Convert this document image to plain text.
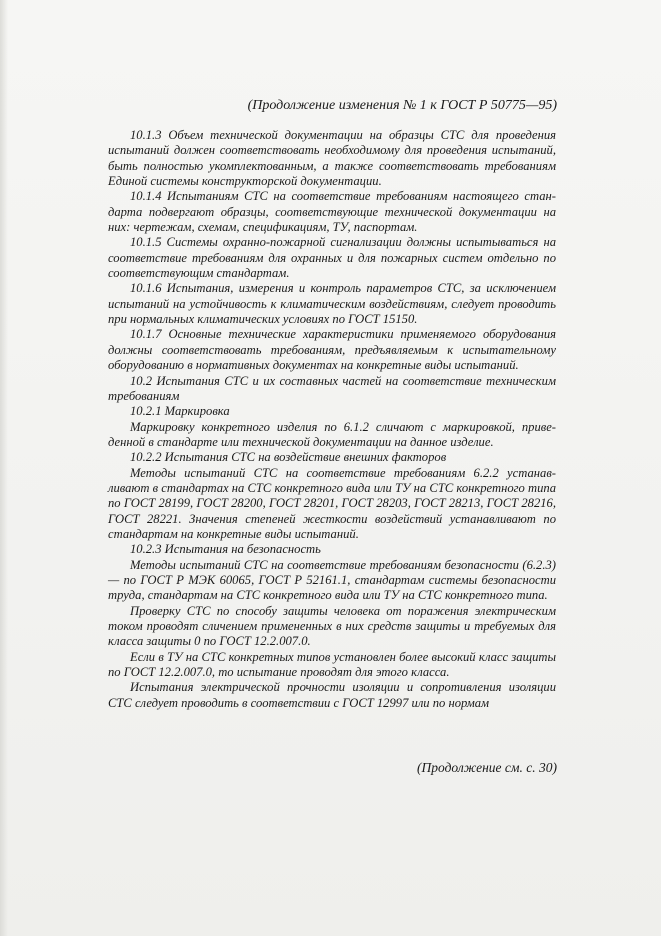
(Продолжение изменения № 1 к ГОСТ Р 50775—95)

10.1.3 Объем технической документации на образцы СТС для проведения испытаний должен соответствовать необходимому для проведения испытаний, быть полностью укомплектованным, а также соответствовать требованиям Единой системы конструкторской документации.

10.1.4 Испытаниям СТС на соответствие требованиям настоящего стандарта подвергают образцы, соответствующие технической документации на них: чертежам, схемам, спецификациям, ТУ, паспортам.

10.1.5 Системы охранно-пожарной сигнализации должны испытываться на соответствие требованиям для охранных и для пожарных систем отдельно по соответствующим стандартам.

10.1.6 Испытания, измерения и контроль параметров СТС, за исключением испытаний на устойчивость к климатическим воздействиям, следует проводить при нормальных климатических условиях по ГОСТ 15150.

10.1.7 Основные технические характеристики применяемого оборудования должны соответствовать требованиям, предъявляемым к испытательному оборудованию в нормативных документах на конкретные виды испытаний.

10.2 Испытания СТС и их составных частей на соответствие техническим требованиям

10.2.1 Маркировка

Маркировку конкретного изделия по 6.1.2 сличают с маркировкой, приведенной в стандарте или технической документации на данное изделие.

10.2.2 Испытания СТС на воздействие внешних факторов

Методы испытаний СТС на соответствие требованиям 6.2.2 устанавливают в стандартах на СТС конкретного вида или ТУ на СТС конкретного типа по ГОСТ 28199, ГОСТ 28200, ГОСТ 28201, ГОСТ 28203, ГОСТ 28213, ГОСТ 28216, ГОСТ 28221. Значения степеней жесткости воздействий устанавливают по стандартам на конкретные виды испытаний.

10.2.3 Испытания на безопасность

Методы испытаний СТС на соответствие требованиям безопасности (6.2.3) — по ГОСТ Р МЭК 60065, ГОСТ Р 52161.1, стандартам системы безопасности труда, стандартам на СТС конкретного вида или ТУ на СТС конкретного типа.

Проверку СТС по способу защиты человека от поражения электрическим током проводят сличением примененных в них средств защиты и требуемых для класса защиты 0 по ГОСТ 12.2.007.0.

Если в ТУ на СТС конкретных типов установлен более высокий класс защиты по ГОСТ 12.2.007.0, то испытание проводят для этого класса.

Испытания электрической прочности изоляции и сопротивления изоляции СТС следует проводить в соответствии с ГОСТ 12997 или по нормам

(Продолжение см. с. 30)
